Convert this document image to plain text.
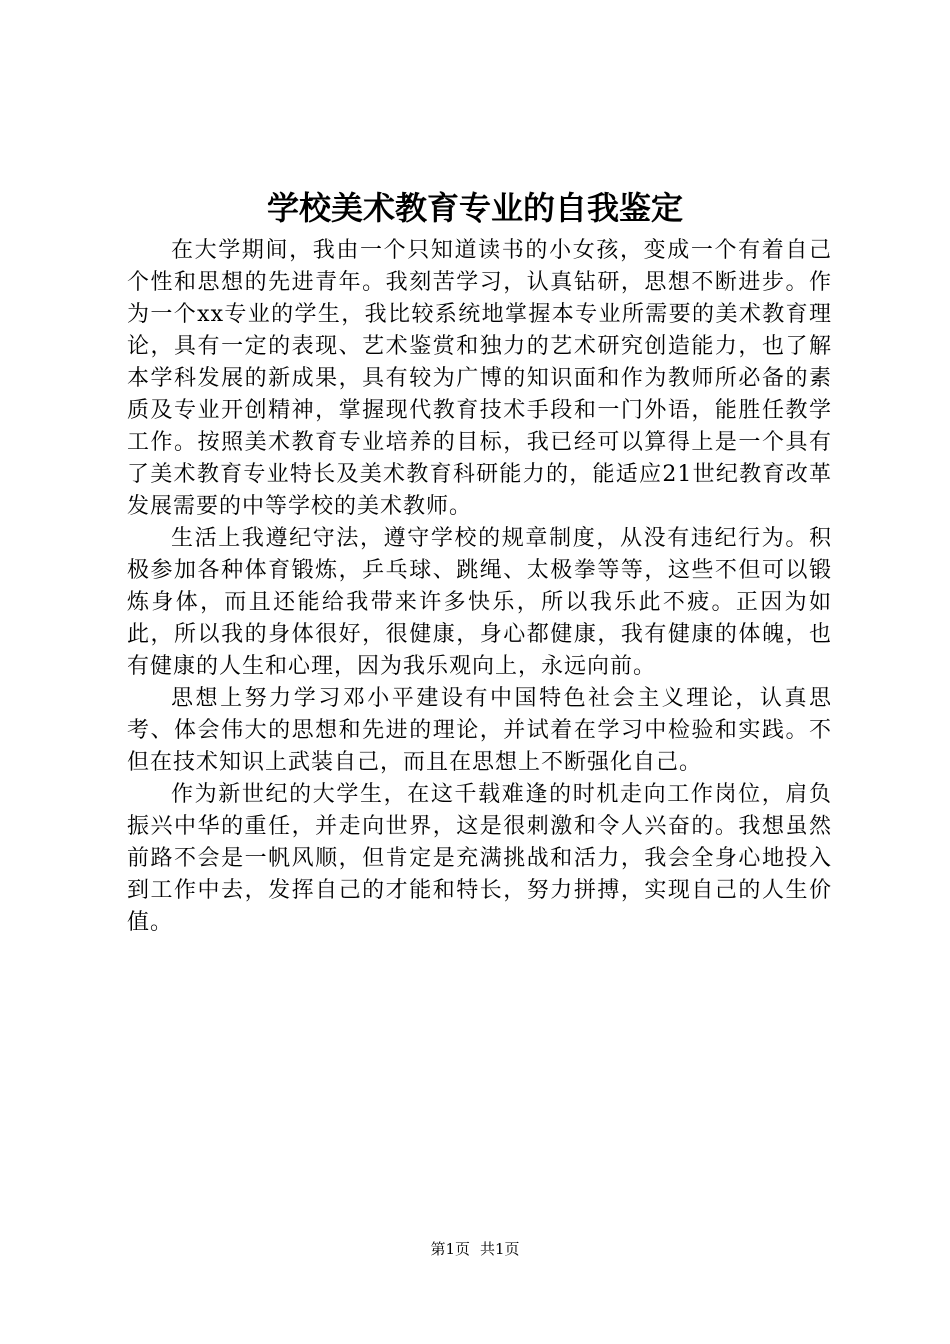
学校美术教育专业的自我鉴定

在大学期间，我由一个只知道读书的小女孩，变成一个有着自己个性和思想的先进青年。我刻苦学习，认真钻研，思想不断进步。作为一个xx专业的学生，我比较系统地掌握本专业所需要的美术教育理论，具有一定的表现、艺术鉴赏和独力的艺术研究创造能力，也了解本学科发展的新成果，具有较为广博的知识面和作为教师所必备的素质及专业开创精神，掌握现代教育技术手段和一门外语，能胜任教学工作。按照美术教育专业培养的目标，我已经可以算得上是一个具有了美术教育专业特长及美术教育科研能力的，能适应21世纪教育改革发展需要的中等学校的美术教师。

生活上我遵纪守法，遵守学校的规章制度，从没有违纪行为。积极参加各种体育锻炼，乒乓球、跳绳、太极拳等等，这些不但可以锻炼身体，而且还能给我带来许多快乐，所以我乐此不疲。正因为如此，所以我的身体很好，很健康，身心都健康，我有健康的体魄，也有健康的人生和心理，因为我乐观向上，永远向前。

思想上努力学习邓小平建设有中国特色社会主义理论，认真思考、体会伟大的思想和先进的理论，并试着在学习中检验和实践。不但在技术知识上武装自己，而且在思想上不断强化自己。

作为新世纪的大学生，在这千载难逢的时机走向工作岗位，肩负振兴中华的重任，并走向世界，这是很刺激和令人兴奋的。我想虽然前路不会是一帆风顺，但肯定是充满挑战和活力，我会全身心地投入到工作中去，发挥自己的才能和特长，努力拼搏，实现自己的人生价值。

第1页 共1页
